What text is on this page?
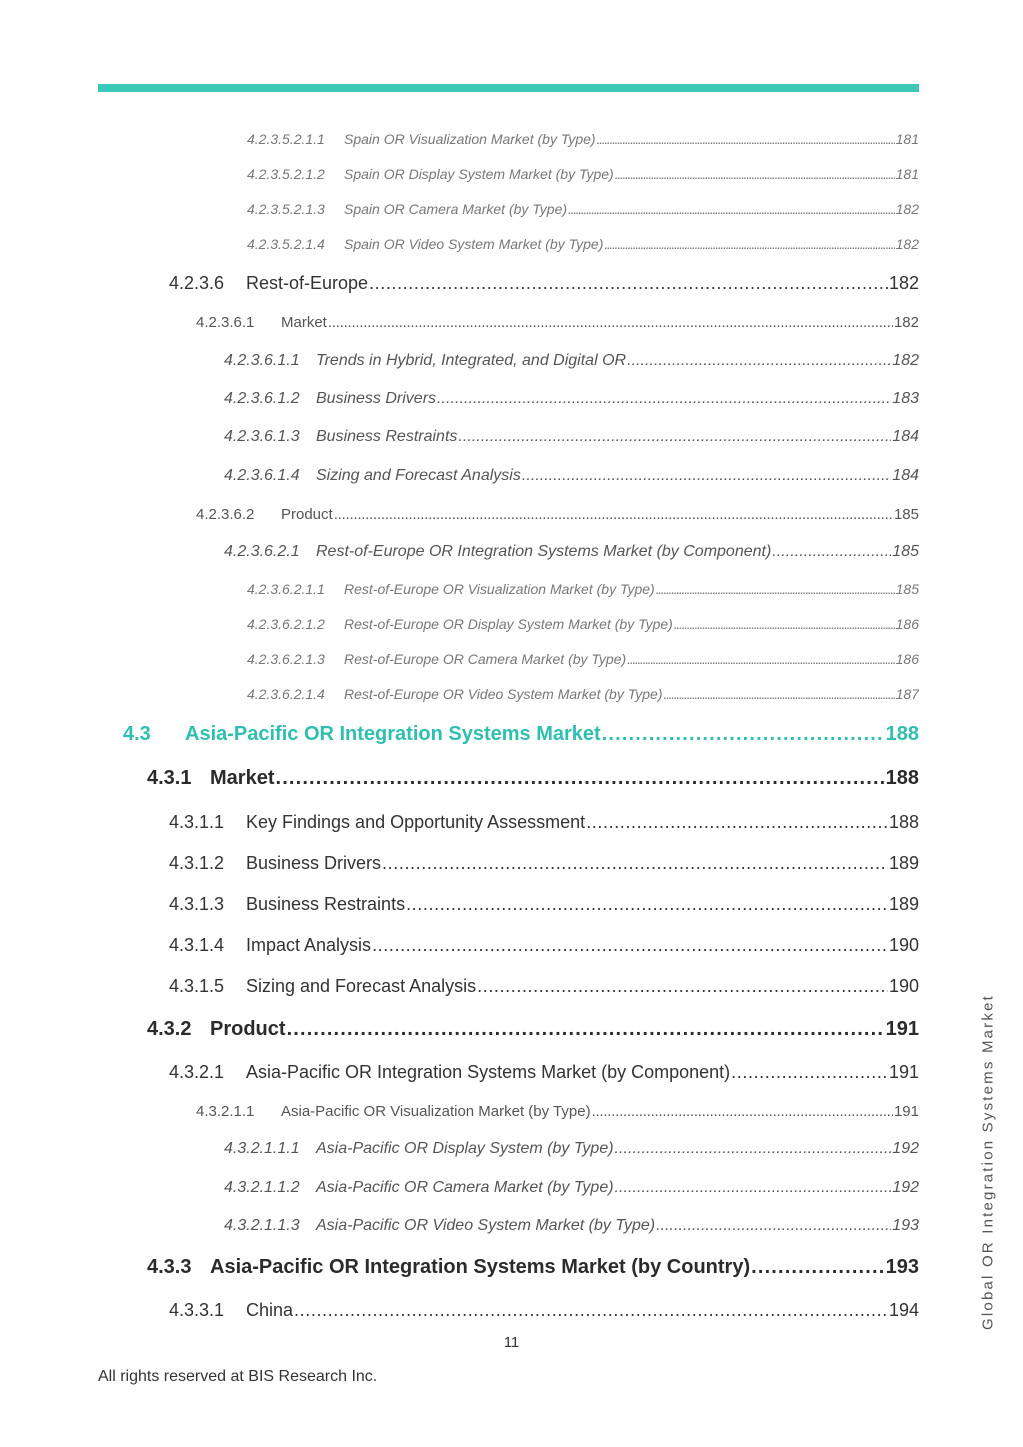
4.2.3.5.2.1.1	Spain OR Visualization Market (by Type) . . .	181
4.2.3.5.2.1.2	Spain OR Display System Market (by Type) . . .	181
4.2.3.5.2.1.3	Spain OR Camera Market (by Type) . . .	182
4.2.3.5.2.1.4	Spain OR Video System Market (by Type) . . .	182
4.2.3.6	Rest-of-Europe . . .	182
4.2.3.6.1	Market . . .	182
4.2.3.6.1.1	Trends in Hybrid, Integrated, and Digital OR . . .	182
4.2.3.6.1.2	Business Drivers . . .	183
4.2.3.6.1.3	Business Restraints . . .	184
4.2.3.6.1.4	Sizing and Forecast Analysis . . .	184
4.2.3.6.2	Product . . .	185
4.2.3.6.2.1	Rest-of-Europe OR Integration Systems Market (by Component) . . .	185
4.2.3.6.2.1.1	Rest-of-Europe OR Visualization Market (by Type) . . .	185
4.2.3.6.2.1.2	Rest-of-Europe OR Display System Market (by Type) . . .	186
4.2.3.6.2.1.3	Rest-of-Europe OR Camera Market (by Type) . . .	186
4.2.3.6.2.1.4	Rest-of-Europe OR Video System Market (by Type) . . .	187
4.3	Asia-Pacific OR Integration Systems Market . . .	188
4.3.1 Market . . .	188
4.3.1.1	Key Findings and Opportunity Assessment . . .	188
4.3.1.2	Business Drivers . . .	189
4.3.1.3	Business Restraints . . .	189
4.3.1.4	Impact Analysis . . .	190
4.3.1.5	Sizing and Forecast Analysis . . .	190
4.3.2 Product . . .	191
4.3.2.1	Asia-Pacific OR Integration Systems Market (by Component) . . .	191
4.3.2.1.1	Asia-Pacific OR Visualization Market (by Type) . . .	191
4.3.2.1.1.1	Asia-Pacific OR Display System (by Type) . . .	192
4.3.2.1.1.2	Asia-Pacific OR Camera Market (by Type) . . .	192
4.3.2.1.1.3	Asia-Pacific OR Video System Market (by Type) . . .	193
4.3.3 Asia-Pacific OR Integration Systems Market (by Country) . . .	193
4.3.3.1	China . . .	194
11
All rights reserved at BIS Research Inc.
Global OR Integration Systems Market
